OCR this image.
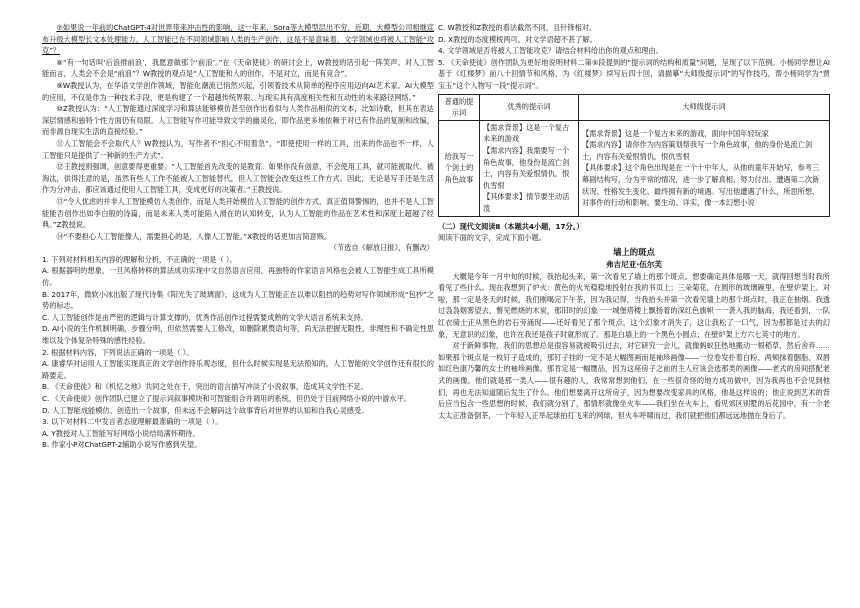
⑦如果说一年前的ChatGPT-4对世界带来冲击性的影响，这一年来，Sora等大模型层出不穷，近期，大模型公司相继宣布升级大模型长文本处理能力。人工智能已在不同领域影响人类的生产创作，这是不是意味着，文学领域也将被人工智能“攻克”？

⑧“有一句话叫‘后浪推前浪’，我愿意做那个‘前浪’。”在《天命使徒》的研讨会上，W教授的话引起一阵笑声。对人工智能而言，人类会不会是“前浪”？W教授的观点是“人工智能和人的创作，不是对立，而是有竞合”。

⑨W教授认为，在华语文学创作领域，智能化潮流已悄然兴起，引领着技术从简单的程序应用迈向AI艺术家。AI大模型的应用，不仅是作为一种技术手段，更是构建了一个超越传统界限、与现实具有高度相关性和互动性的未来路径网络。”

⑩Z教授认为：“人工智能通过深度学习和算法能够模仿甚至创作出看似与人类作品相似的文本，比如诗歌，但其在表达深层情感和独特个性方面仍有局限。人工智能写作可能导致文学的幽灵化，即作品更多地依赖于对已有作品的复制和改编，而非源自现实生活的直接经验。”

⑪人工智能会不会取代人？W教授认为，写作者不“担心不用着急”，“即使使用一样的工具，出来的作品也不一样，人工智能只是提供了一种新的生产方式”。

⑫王教授则强调，创意要得更重要。“人工智能首先改变的是教育。如果你没有创意，不会使用工具，就可能被取代、被淘汰，供得注意的是，虽然有些人工作不能被人工智能替代，但人工智能会改变这些工作方式。因此，无论是写手还是生活作为分冲击，都应该通过使用人工智能工具，变成更好的决策者。”王教授说。

⑬“令人忧虑的并非人工智能模仿人类创作，而是人类开始模仿人工智能的创作方式，真正值得警惕的，也并不是人工智能能否创作出如李白般的诗篇，而是未来人类可能陷入滑在的认知转变，认为人工智能的作品在艺术性和深度上超越了经典。”Z教授说。

⑭“不要担心人工智能像人，需要担心的是，人像人工智能。”X教授的话更加言简意赅。

（节选自《解放日报》，有删改）

1. 下列对材料相关内容的理解和分析，不正确的一项是（ ）。

A. 根据器明的想象，一旦风格转移的算法成功实现中文自然语言应用，再独特的作家语言风格也会被人工智能生成工具所模仿。

B. 2017年，微软小冰出版了现代诗集《阳光失了玻璃窗》，这成为人工智能正在以难以阻挡的趋势对写作领域形成“包抄”之势的标志。

C. 人工智能创作是由严密的逻辑与计算支撑的，优秀作品创作过程需要成熟的文学大语言系统来支持。

D. AI小说的生作机制明确，步骤分明，但依然需要人工修改，如删除累赘语句等，尚无法把握无限性、非理性和不确定性思维以及个体复杂特殊的感性经验。

2. 根据材料内容，下列说法正确的一项是（ ）。

A. 康睿华对运用人工智能实现真正的文学创作持乐观态度，但什么时候实现是无法预知的，人工智能的文学创作还有很长的路要走。

B. 《天命使徒》和《机忆之地》共同之处在于，突出的语言描写冲淡了小说叙事，造成其文学性不足。

C. 《天命使徒》创作团队已建立了提示词叙事模块和可智能组合并调用的系统，但仍处于目前网络小说的中游水平。

D. 人工智能成能模仿、创造出一个故事，但未远不会解码这个故事背后对世界的认知和自我心灵感受。

3. 以下对材料二中发言者态度理解最准确的一项是（ ）。

A. Y教授对人工智能写好网络小说结局满怀期待。

B. 作家小P对ChatGPT-2辅助小说写作感到失望。

C. W教授和Z教授的看法截然不同，且针锋相对。

D. X教授的态度模棱两可，对文学语超不甚了解。

4. 文学领域是否将被人工智能攻克？请结合材料给出你的观点和理由。

5. 《天命使徒》创作团队为更好地说明材料二第⑤段提到的“提示词的结构和质量”问题，呈现了以下范例。小杨同学想让AI基于《红楼梦》前八十回情节和风格，为《红楼梦》续写后四十回，请描摹“大师级提示词”的写作技巧，帮小杨同学为“贾宝玉”这个人物写一段“提示词”。

普通的提示词	优秀的提示词	大师级提示词
给我写一个剑士的角色故事	【需求背景】这是一个复古未来的游戏
【需求内容】我需要写一个角色故事，他身份是流亡剑士，内容有关爱恨情仇，恨仇雪恨
【其体要求】情节要生动活泼	【需求背景】这是一个复古未来的游戏，面向中国年轻玩家
【需求内容】请你作为内容策划帮我写一个角色故事，他的身份是流亡剑士，内容有关爱恨情仇，恨仇雪恨
【具体要求】这个角色出现是在一个十中年人，从他的童年开始写，参考三幕剧结构写，分为平常的情况，进一步了解真相、努力付出、遭遇第二次新状况、性格发生变化、最终拥有新的境遇。写出他遭遇了什么，所思所想、对事件的行动和影响。要生动、详实，像一本幻想小说

（二）现代文阅读Ⅱ（本题共4小题，17分。）

阅读下面的文字，完成下面小题。

墙上的斑点

弗吉尼亚·伍尔芙

大概是今年一月中旬的时候，我抬起头来，第一次看见了墙上的那个斑点。想要确定具体是哪一天，就得回想当时我所看见了些什么。现在我想到了炉火：黄色的火光稳稳地投射在我的书页上；三朵菊花，在圆形的玻璃碗里，在壁炉架上。对啦，那一定是冬天的时候，我们刚喝完下午茶，因为我记得，当我抬头并第一次看见墙上的那个斑点时，我正在抽烟。我透过袅袅烟雾望去，瞥见燃烧的木炭，那旧时的幻象一一城堡塔楼上飘扬着的深红色旗帜一一袭入我的脑海，我还看到，一队红衣骑士正从黑色的岩石旁涌现——还好看见了那个斑点，这个幻象才消失了，这让我松了一口气，因为那都是过去的幻象，无意识的幻象，也许在我还是孩子时就形成了。那是白墙上的一个黑色小圆点；在壁炉架上方六七英寸的地方。

对于新鲜事物，我们的思想总是很容易就被吸引过去，对它研究一会儿，就像蚂蚁狂热地搬动一根稻草，然后舍弃……如果那个斑点是一枚钉子造成的，那钉子挂的一定不是大幅图画而是袖珍画像——一位卷发扑着白粉、两颊抹着胭脂、双唇如红色康乃馨的女士的袖珍画像。那肯定是一幅赝品，因为这座房子之前的主人应该会选那类的画像——老式的房间搭配老式的画像。他们就是那一类人——很有趣的人，我常常想到他们，在一些很奇怪的地方成功做中，因为我再也不会见到他们，再也无法知道随后发生了什么。他们想要离开这所房子，因为想要改变家具的风格，他是这样说的；他正说到艺术的背后应当包含一些思想的时候，我们就分别了，那情形就像坐火车——我们坐在火车上，看见郊区别墅的后花园中，有一个老太太正准备倒茶，一个年轻人正举起球拍打飞来的网球，但火车呼啸而过，我们就把他们都远远地抛在身后了。
